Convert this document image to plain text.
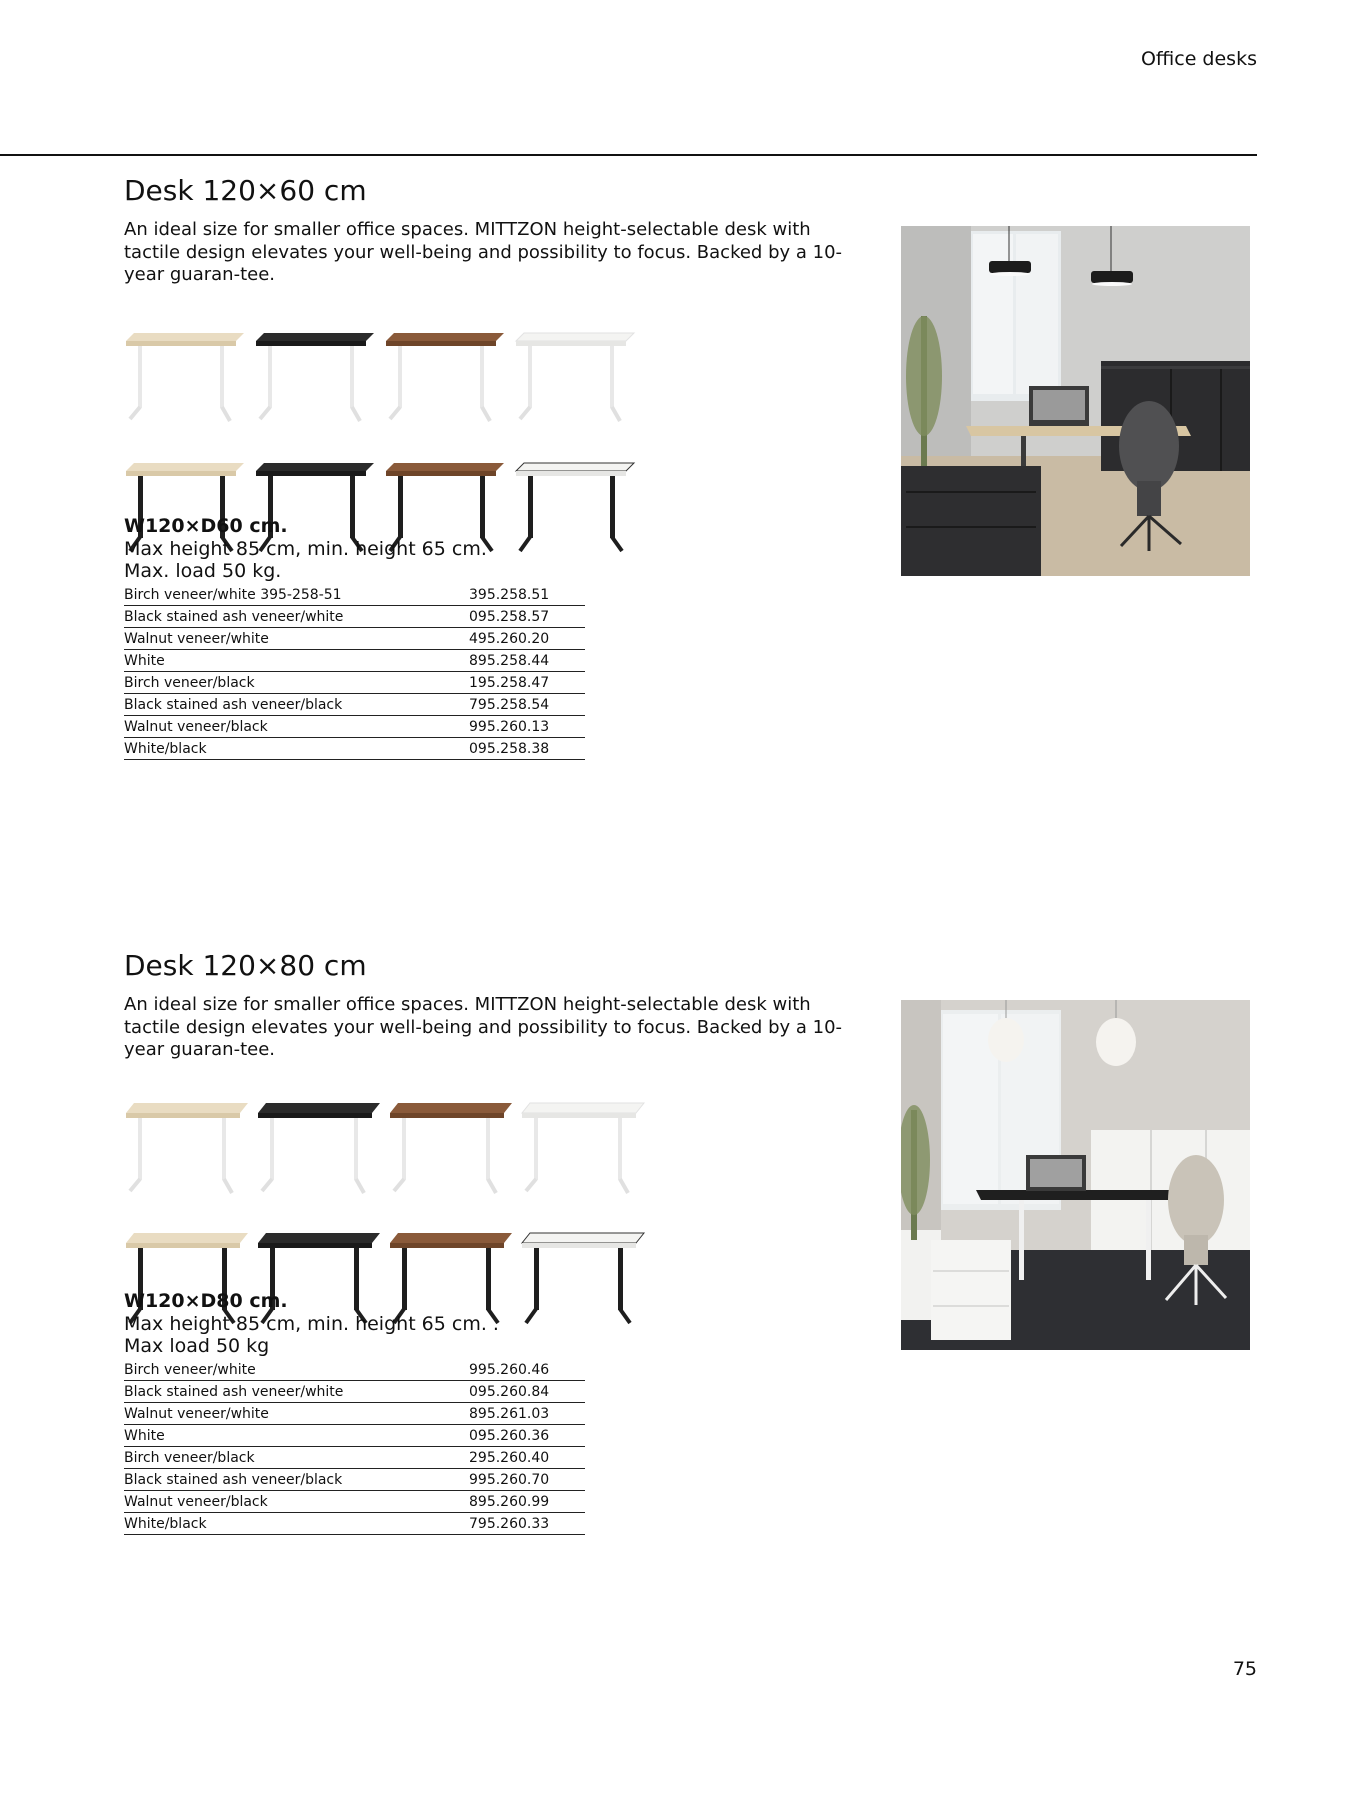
Office desks
Desk 120×60 cm
An ideal size for smaller office spaces. MITTZON height-selectable desk with tactile design elevates your well-being and possibility to focus. Backed by a 10-year guaran-tee.
W120×D60 cm.
Max height 85 cm, min. height 65 cm.
Max. load 50 kg.
Birch veneer/white 395-258-51	395.258.51
Black stained ash veneer/white	095.258.57
Walnut veneer/white	495.260.20
White	895.258.44
Birch veneer/black	195.258.47
Black stained ash veneer/black	795.258.54
Walnut veneer/black	995.260.13
White/black	095.258.38
Desk 120×80 cm
An ideal size for smaller office spaces. MITTZON height-selectable desk with tactile design elevates your well-being and possibility to focus. Backed by a 10-year guaran-tee.
W120×D80 cm.
Max height 85 cm, min. height 65 cm. .
Max load 50 kg
Birch veneer/white	995.260.46
Black stained ash veneer/white	095.260.84
Walnut veneer/white	895.261.03
White	095.260.36
Birch veneer/black	295.260.40
Black stained ash veneer/black	995.260.70
Walnut veneer/black	895.260.99
White/black	795.260.33
75
